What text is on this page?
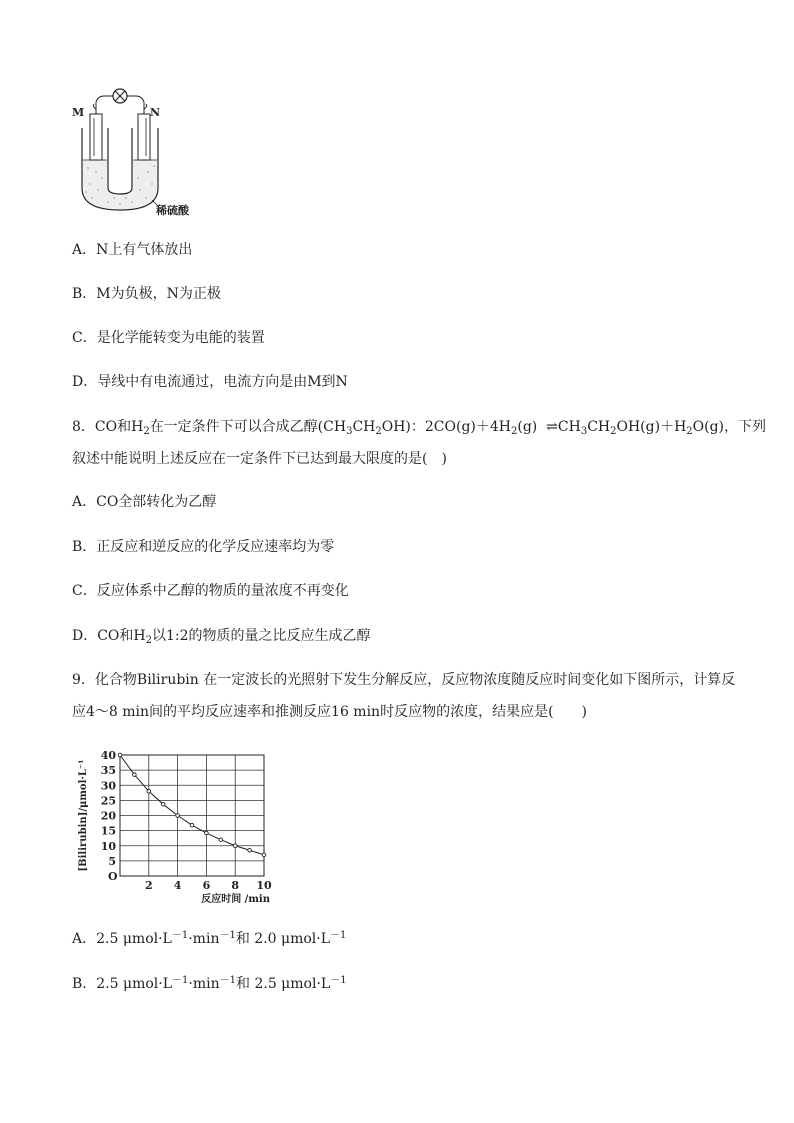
M	N
稀硫酸
A．N上有气体放出
B．M为负极，N为正极
C．是化学能转变为电能的装置
D．导线中有电流通过，电流方向是由M到N
8．CO和$H_2$在一定条件下可以合成乙醇$(CH_3CH_2OH)$：$2CO(g)+4H_2(g)$ $\rightleftharpoons CH_3CH_2OH(g)+H_2O(g)$，下列
叙述中能说明上述反应在一定条件下已达到最大限度的是(　)
A．CO全部转化为乙醇
B．正反应和逆反应的化学反应速率均为零
C．反应体系中乙醇的物质的量浓度不再变化
D．CO和$H_2$以1:2的物质的量之比反应生成乙醇
9．化合物Bilirubin 在一定波长的光照射下发生分解反应，反应物浓度随反应时间变化如下图所示，计算反
应4～8 min间的平均反应速率和推测反应16 min时反应物的浓度，结果应是(　　)
40
35
30
25
20
15
10
5
2 4 6 8 10
[Bilirubin]/μmol·L⁻¹
反应时间 /min
O
A．2.5 $\mu mol\cdot L^{-1}\cdot\min^{-1}$和 2.0 $\mu mol\cdot L^{-1}$
B．2.5 $\mu mol\cdot L^{-1}\cdot\min^{-1}$和 2.5 $\mu mol\cdot L^{-1}$
